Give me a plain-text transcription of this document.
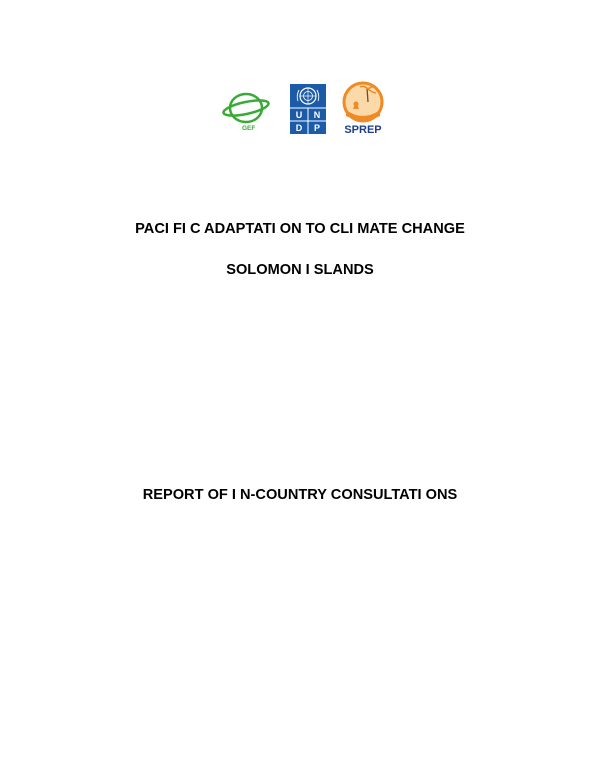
GEF
U N
D P SPREP
PACI FI C ADAPTATI ON TO CLI MATE CHANGE
SOLOMON I SLANDS
REPORT OF I N-COUNTRY CONSULTATI ONS
